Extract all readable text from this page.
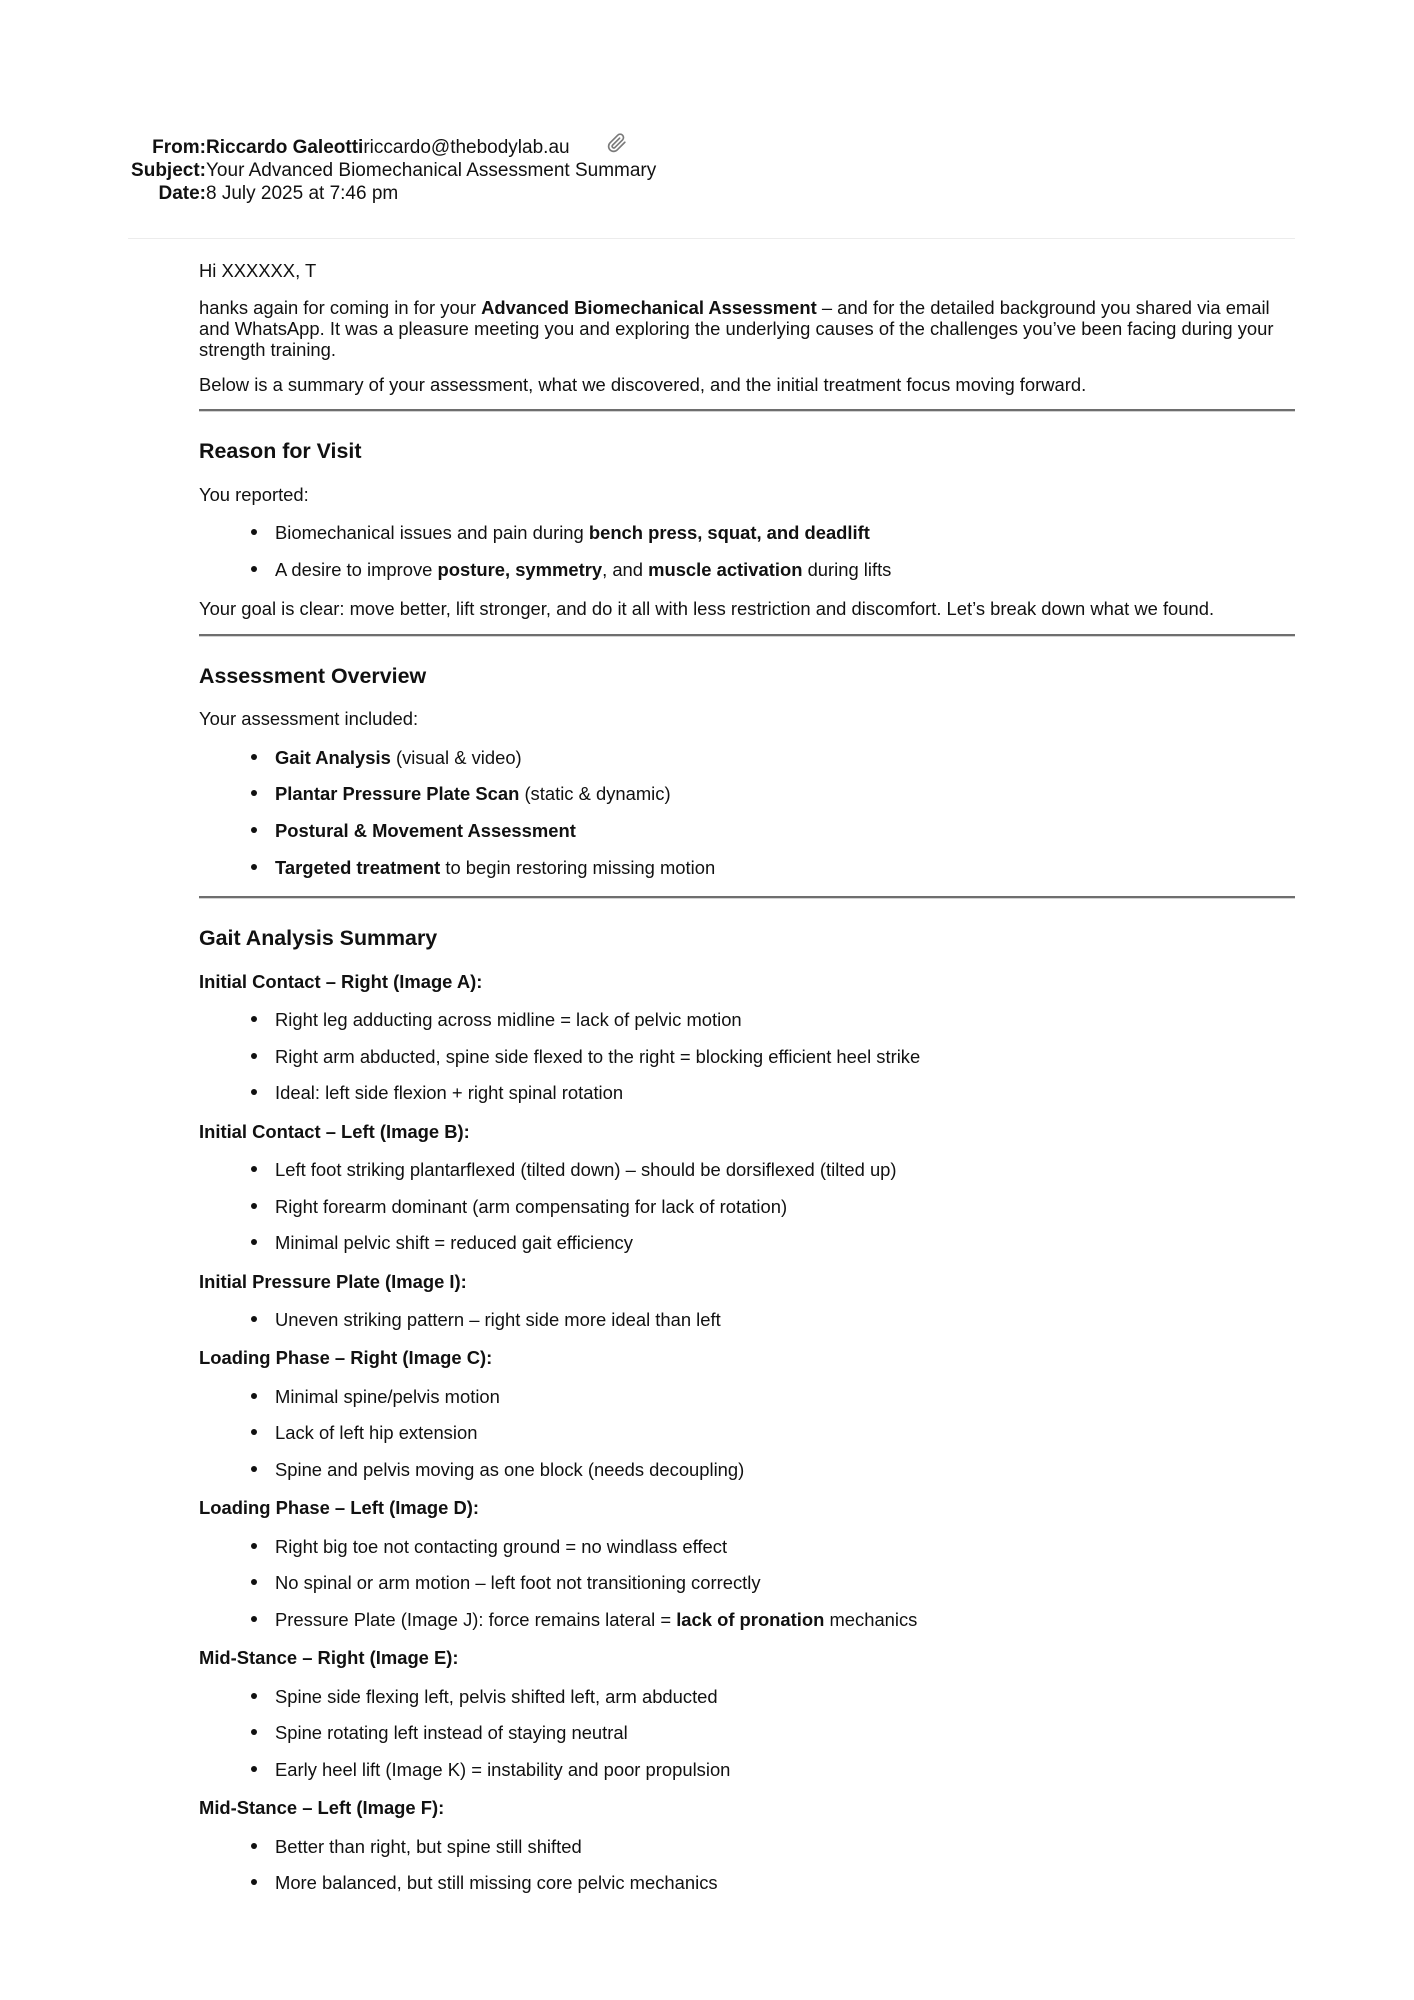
From: Riccardo Galeotti riccardo@thebodylab.au
Subject: Your Advanced Biomechanical Assessment Summary
Date: 8 July 2025 at 7:46 pm

Hi XXXXXX, T

hanks again for coming in for your Advanced Biomechanical Assessment – and for the detailed background you shared via email and WhatsApp. It was a pleasure meeting you and exploring the underlying causes of the challenges you’ve been facing during your strength training.

Below is a summary of your assessment, what we discovered, and the initial treatment focus moving forward.

Reason for Visit

You reported:

Biomechanical issues and pain during bench press, squat, and deadlift
A desire to improve posture, symmetry, and muscle activation during lifts

Your goal is clear: move better, lift stronger, and do it all with less restriction and discomfort. Let’s break down what we found.

Assessment Overview

Your assessment included:

Gait Analysis (visual & video)
Plantar Pressure Plate Scan (static & dynamic)
Postural & Movement Assessment
Targeted treatment to begin restoring missing motion
Gait Analysis Summary

Initial Contact – Right (Image A):

Right leg adducting across midline = lack of pelvic motion
Right arm abducted, spine side flexed to the right = blocking efficient heel strike
Ideal: left side flexion + right spinal rotation

Initial Contact – Left (Image B):

Left foot striking plantarflexed (tilted down) – should be dorsiflexed (tilted up)
Right forearm dominant (arm compensating for lack of rotation)
Minimal pelvic shift = reduced gait efficiency

Initial Pressure Plate (Image I):

Uneven striking pattern – right side more ideal than left

Loading Phase – Right (Image C):

Minimal spine/pelvis motion
Lack of left hip extension
Spine and pelvis moving as one block (needs decoupling)

Loading Phase – Left (Image D):

Right big toe not contacting ground = no windlass effect
No spinal or arm motion – left foot not transitioning correctly
Pressure Plate (Image J): force remains lateral = lack of pronation mechanics

Mid-Stance – Right (Image E):

Spine side flexing left, pelvis shifted left, arm abducted
Spine rotating left instead of staying neutral
Early heel lift (Image K) = instability and poor propulsion

Mid-Stance – Left (Image F):

Better than right, but spine still shifted
More balanced, but still missing core pelvic mechanics
